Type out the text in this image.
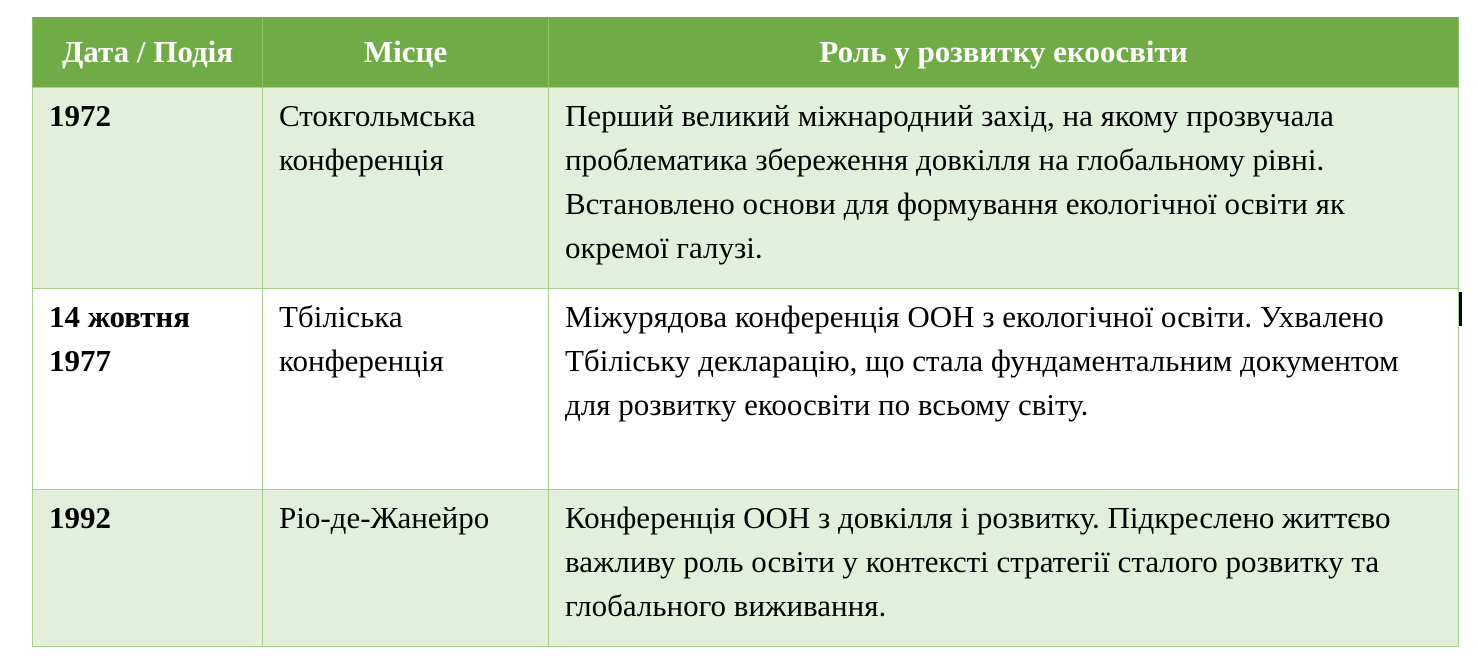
Дата / Подія	Місце	Роль у розвитку екоосвіти
1972	Стокгольмська конференція	Перший великий міжнародний захід, на якому прозвучала проблематика збереження довкілля на глобальному рівні. Встановлено основи для формування екологічної освіти як окремої галузі.
14 жовтня 1977	Тбіліська конференція	Міжурядова конференція ООН з екологічної освіти. Ухвалено Тбіліську декларацію, що стала фундаментальним документом для розвитку екоосвіти по всьому світу.
1992	Ріо-де-Жанейро	Конференція ООН з довкілля і розвитку. Підкреслено життєво важливу роль освіти у контексті стратегії сталого розвитку та глобального виживання.
